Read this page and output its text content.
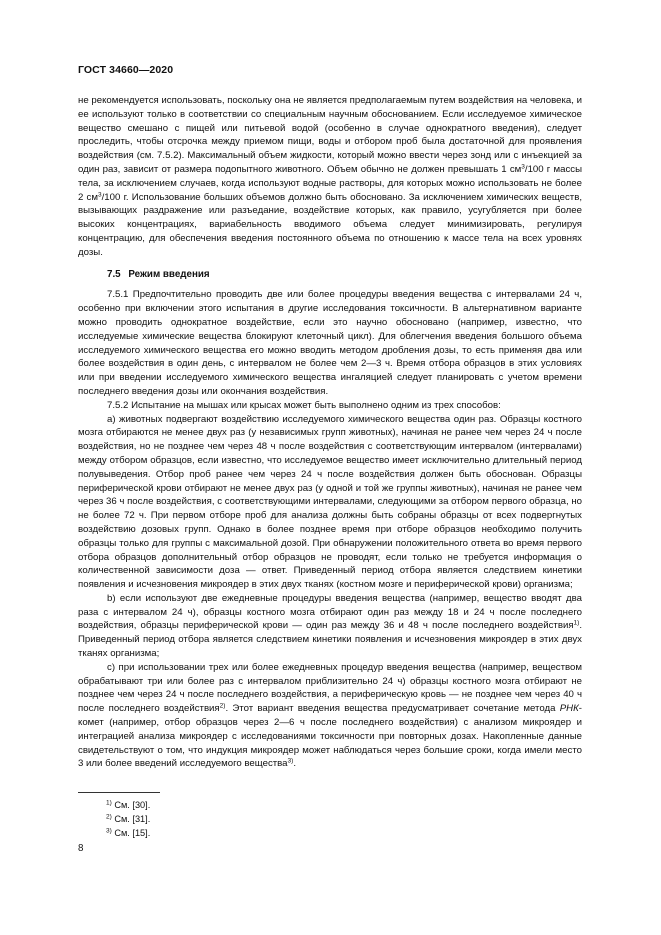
ГОСТ 34660—2020

не рекомендуется использовать, поскольку она не является предполагаемым путем воздействия на человека, и ее используют только в соответствии со специальным научным обоснованием. Если исследуемое химическое вещество смешано с пищей или питьевой водой (особенно в случае однократного введения), следует проследить, чтобы отсрочка между приемом пищи, воды и отбором проб была достаточной для проявления воздействия (см. 7.5.2). Максимальный объем жидкости, который можно ввести через зонд или с инъекцией за один раз, зависит от размера подопытного животного. Объем обычно не должен превышать 1 $см^3/100$ г массы тела, за исключением случаев, когда используют водные растворы, для которых можно использовать не более 2 $см^3/100$ г. Использование больших объемов должно быть обосновано. За исключением химических веществ, вызывающих раздражение или разъедание, воздействие которых, как правило, усугубляется при более высоких концентрациях, вариабельность вводимого объема следует минимизировать, регулируя концентрацию, для обеспечения введения постоянного объема по отношению к массе тела на всех уровнях дозы.

7.5 Режим введения

7.5.1 Предпочтительно проводить две или более процедуры введения вещества с интервалами 24 ч, особенно при включении этого испытания в другие исследования токсичности. В альтернативном варианте можно проводить однократное воздействие, если это научно обосновано (например, известно, что исследуемые химические вещества блокируют клеточный цикл). Для облегчения введения большого объема исследуемого химического вещества его можно вводить методом дробления дозы, то есть применяя два или более воздействия в один день, с интервалом не более чем 2—3 ч. Время отбора образцов в этих условиях или при введении исследуемого химического вещества ингаляцией следует планировать с учетом времени последнего введения дозы или окончания воздействия.

7.5.2 Испытание на мышах или крысах может быть выполнено одним из трех способов:

а) животных подвергают воздействию исследуемого химического вещества один раз. Образцы костного мозга отбираются не менее двух раз (у независимых групп животных), начиная не ранее чем через 24 ч после воздействия, но не позднее чем через 48 ч после воздействия с соответствующим интервалом (интервалами) между отбором образцов, если известно, что исследуемое вещество имеет исключительно длительный период полувыведения. Отбор проб ранее чем через 24 ч после воздействия должен быть обоснован. Образцы периферической крови отбирают не менее двух раз (у одной и той же группы животных), начиная не ранее чем через 36 ч после воздействия, с соответствующими интервалами, следующими за отбором первого образца, но не более 72 ч. При первом отборе проб для анализа должны быть собраны образцы от всех подвергнутых воздействию дозовых групп. Однако в более позднее время при отборе образцов необходимо получить образцы только для группы с максимальной дозой. При обнаружении положительного ответа во время первого отбора образцов дополнительный отбор образцов не проводят, если только не требуется информация о количественной зависимости доза — ответ. Приведенный период отбора является следствием кинетики появления и исчезновения микроядер в этих двух тканях (костном мозге и периферической крови) организма;

b) если используют две ежедневные процедуры введения вещества (например, вещество вводят два раза с интервалом 24 ч), образцы костного мозга отбирают один раз между 18 и 24 ч после последнего воздействия, образцы периферической крови — один раз между 36 и 48 ч после последнего воздействия$^{1)}$. Приведенный период отбора является следствием кинетики появления и исчезновения микроядер в этих двух тканях организма;

c) при использовании трех или более ежедневных процедур введения вещества (например, веществом обрабатывают три или более раз с интервалом приблизительно 24 ч) образцы костного мозга отбирают не позднее чем через 24 ч после последнего воздействия, а периферическую кровь — не позднее чем через 40 ч после последнего воздействия$^{2)}$. Этот вариант введения вещества предусматривает сочетание метода РНК-комет (например, отбор образцов через 2—6 ч после последнего воздействия) с анализом микроядер и интеграцией анализа микроядер с исследованиями токсичности при повторных дозах. Накопленные данные свидетельствуют о том, что индукция микроядер может наблюдаться через большие сроки, когда имели место 3 или более введений исследуемого вещества$^{3)}$.

$^{1)}$ См. [30].
$^{2)}$ См. [31].
$^{3)}$ См. [15].
8
